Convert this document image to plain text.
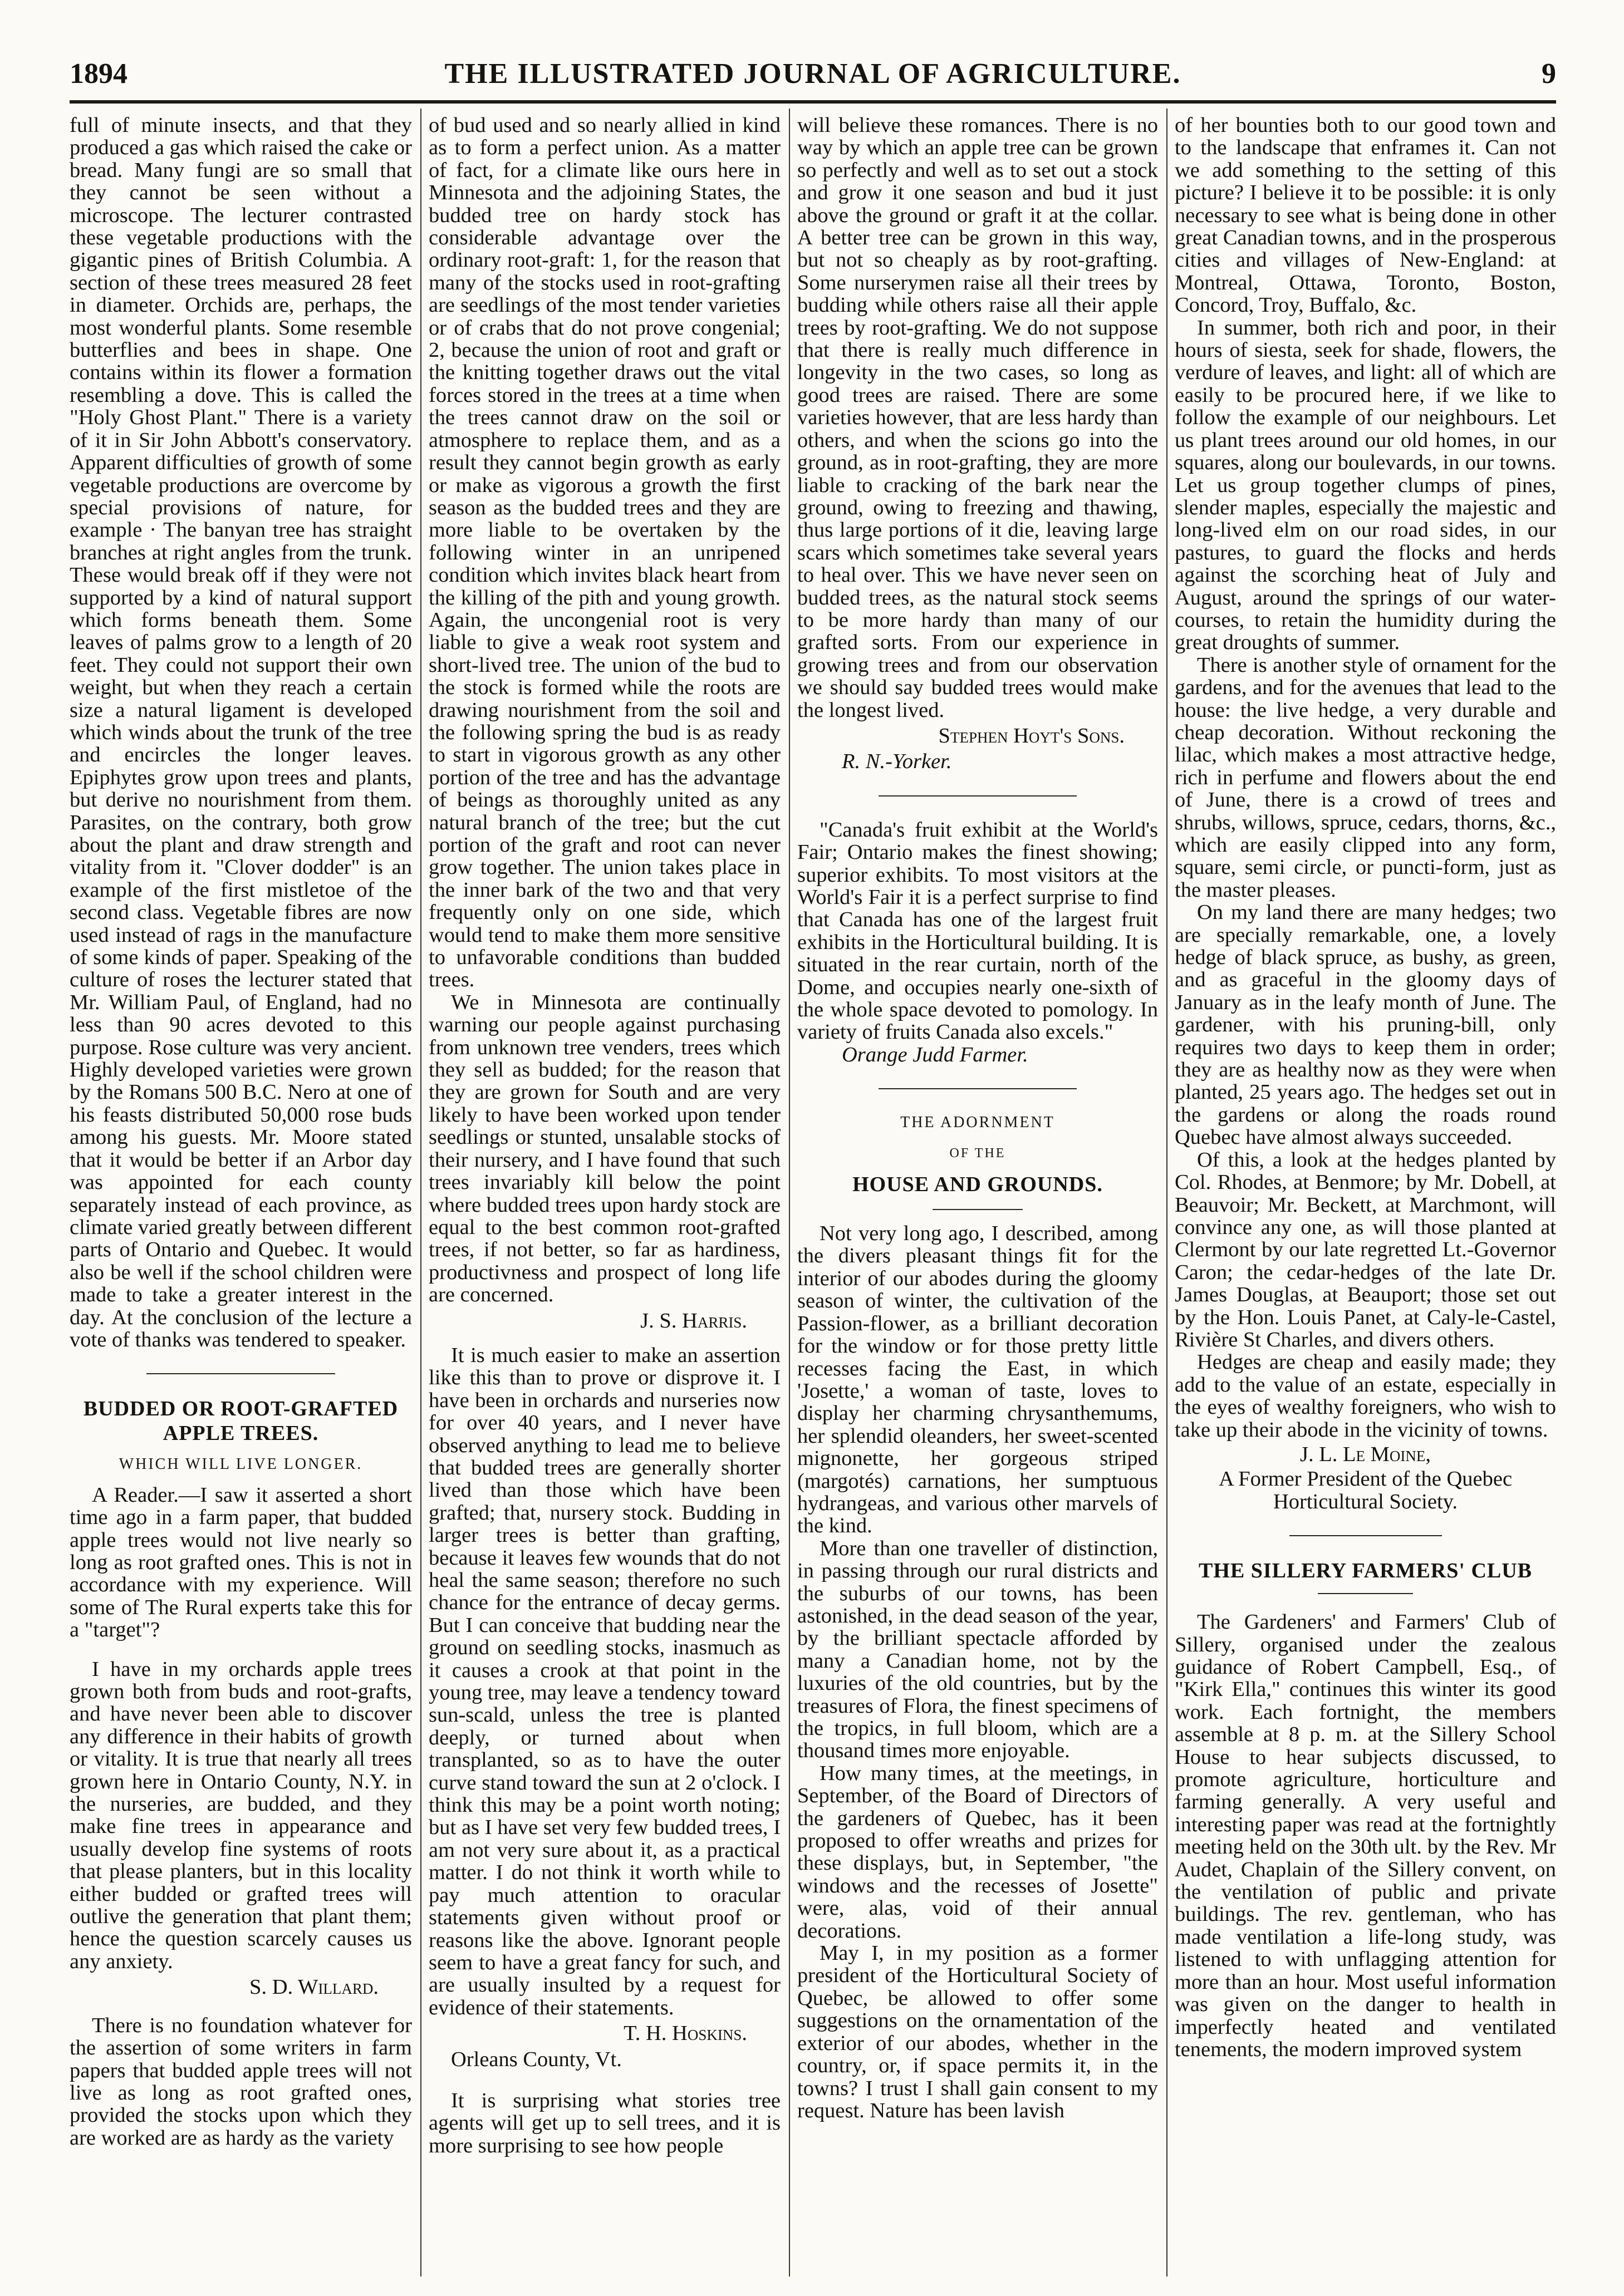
1894	THE ILLUSTRATED JOURNAL OF AGRICULTURE.	9

full of minute insects, and that they produced a gas which raised the cake or bread. Many fungi are so small that they cannot be seen without a microscope. The lecturer contrasted these vegetable productions with the gigantic pines of British Columbia. A section of these trees measured 28 feet in diameter. Orchids are, perhaps, the most wonderful plants. Some resemble butterflies and bees in shape. One contains within its flower a formation resembling a dove. This is called the "Holy Ghost Plant." There is a variety of it in Sir John Abbott's conservatory. Apparent difficulties of growth of some vegetable productions are overcome by special provisions of nature, for example · The banyan tree has straight branches at right angles from the trunk. These would break off if they were not supported by a kind of natural support which forms beneath them. Some leaves of palms grow to a length of 20 feet. They could not support their own weight, but when they reach a certain size a natural ligament is developed which winds about the trunk of the tree and encircles the longer leaves. Epiphytes grow upon trees and plants, but derive no nourishment from them. Parasites, on the contrary, both grow about the plant and draw strength and vitality from it. "Clover dodder" is an example of the first mistletoe of the second class. Vegetable fibres are now used instead of rags in the manufacture of some kinds of paper. Speaking of the culture of roses the lecturer stated that Mr. William Paul, of England, had no less than 90 acres devoted to this purpose. Rose culture was very ancient. Highly developed varieties were grown by the Romans 500 B.C. Nero at one of his feasts distributed 50,000 rose buds among his guests. Mr. Moore stated that it would be better if an Arbor day was appointed for each county separately instead of each province, as climate varied greatly between different parts of Ontario and Quebec. It would also be well if the school children were made to take a greater interest in the day. At the conclusion of the lecture a vote of thanks was tendered to speaker.

BUDDED OR ROOT-GRAFTED APPLE TREES.
WHICH WILL LIVE LONGER.

A Reader.—I saw it asserted a short time ago in a farm paper, that budded apple trees would not live nearly so long as root grafted ones. This is not in accordance with my experience. Will some of The Rural experts take this for a "target"?

I have in my orchards apple trees grown both from buds and root-grafts, and have never been able to discover any difference in their habits of growth or vitality. It is true that nearly all trees grown here in Ontario County, N.Y. in the nurseries, are budded, and they make fine trees in appearance and usually develop fine systems of roots that please planters, but in this locality either budded or grafted trees will outlive the generation that plant them; hence the question scarcely causes us any anxiety.

S. D. Willard.

There is no foundation whatever for the assertion of some writers in farm papers that budded apple trees will not live as long as root grafted ones, provided the stocks upon which they are worked are as hardy as the variety

of bud used and so nearly allied in kind as to form a perfect union. As a matter of fact, for a climate like ours here in Minnesota and the adjoining States, the budded tree on hardy stock has considerable advantage over the ordinary root-graft: 1, for the reason that many of the stocks used in root-grafting are seedlings of the most tender varieties or of crabs that do not prove congenial; 2, because the union of root and graft or the knitting together draws out the vital forces stored in the trees at a time when the trees cannot draw on the soil or atmosphere to replace them, and as a result they cannot begin growth as early or make as vigorous a growth the first season as the budded trees and they are more liable to be overtaken by the following winter in an unripened condition which invites black heart from the killing of the pith and young growth. Again, the uncongenial root is very liable to give a weak root system and short-lived tree. The union of the bud to the stock is formed while the roots are drawing nourishment from the soil and the following spring the bud is as ready to start in vigorous growth as any other portion of the tree and has the advantage of beings as thoroughly united as any natural branch of the tree; but the cut portion of the graft and root can never grow together. The union takes place in the inner bark of the two and that very frequently only on one side, which would tend to make them more sensitive to unfavorable conditions than budded trees.

We in Minnesota are continually warning our people against purchasing from unknown tree venders, trees which they sell as budded; for the reason that they are grown for South and are very likely to have been worked upon tender seedlings or stunted, unsalable stocks of their nursery, and I have found that such trees invariably kill below the point where budded trees upon hardy stock are equal to the best common root-grafted trees, if not better, so far as hardiness, productivness and prospect of long life are concerned.

J. S. Harris.

It is much easier to make an assertion like this than to prove or disprove it. I have been in orchards and nurseries now for over 40 years, and I never have observed anything to lead me to believe that budded trees are generally shorter lived than those which have been grafted; that, nursery stock. Budding in larger trees is better than grafting, because it leaves few wounds that do not heal the same season; therefore no such chance for the entrance of decay germs. But I can conceive that budding near the ground on seedling stocks, inasmuch as it causes a crook at that point in the young tree, may leave a tendency toward sun-scald, unless the tree is planted deeply, or turned about when transplanted, so as to have the outer curve stand toward the sun at 2 o'clock. I think this may be a point worth noting; but as I have set very few budded trees, I am not very sure about it, as a practical matter. I do not think it worth while to pay much attention to oracular statements given without proof or reasons like the above. Ignorant people seem to have a great fancy for such, and are usually insulted by a request for evidence of their statements.

T. H. Hoskins.

Orleans County, Vt.

It is surprising what stories tree agents will get up to sell trees, and it is more surprising to see how people

will believe these romances. There is no way by which an apple tree can be grown so perfectly and well as to set out a stock and grow it one season and bud it just above the ground or graft it at the collar. A better tree can be grown in this way, but not so cheaply as by root-grafting. Some nurserymen raise all their trees by budding while others raise all their apple trees by root-grafting. We do not suppose that there is really much difference in longevity in the two cases, so long as good trees are raised. There are some varieties however, that are less hardy than others, and when the scions go into the ground, as in root-grafting, they are more liable to cracking of the bark near the ground, owing to freezing and thawing, thus large portions of it die, leaving large scars which sometimes take several years to heal over. This we have never seen on budded trees, as the natural stock seems to be more hardy than many of our grafted sorts. From our experience in growing trees and from our observation we should say budded trees would make the longest lived.

Stephen Hoyt's Sons.

R. N.-Yorker.

"Canada's fruit exhibit at the World's Fair; Ontario makes the finest showing; superior exhibits. To most visitors at the World's Fair it is a perfect surprise to find that Canada has one of the largest fruit exhibits in the Horticultural building. It is situated in the rear curtain, north of the Dome, and occupies nearly one-sixth of the whole space devoted to pomology. In variety of fruits Canada also excels."

Orange Judd Farmer.

THE ADORNMENT
OF THE
HOUSE AND GROUNDS.

Not very long ago, I described, among the divers pleasant things fit for the interior of our abodes during the gloomy season of winter, the cultivation of the Passion-flower, as a brilliant decoration for the window or for those pretty little recesses facing the East, in which 'Josette,' a woman of taste, loves to display her charming chrysanthemums, her splendid oleanders, her sweet-scented mignonette, her gorgeous striped (margotés) carnations, her sumptuous hydrangeas, and various other marvels of the kind.

More than one traveller of distinction, in passing through our rural districts and the suburbs of our towns, has been astonished, in the dead season of the year, by the brilliant spectacle afforded by many a Canadian home, not by the luxuries of the old countries, but by the treasures of Flora, the finest specimens of the tropics, in full bloom, which are a thousand times more enjoyable.

How many times, at the meetings, in September, of the Board of Directors of the gardeners of Quebec, has it been proposed to offer wreaths and prizes for these displays, but, in September, "the windows and the recesses of Josette" were, alas, void of their annual decorations.

May I, in my position as a former president of the Horticultural Society of Quebec, be allowed to offer some suggestions on the ornamentation of the exterior of our abodes, whether in the country, or, if space permits it, in the towns? I trust I shall gain consent to my request. Nature has been lavish

of her bounties both to our good town and to the landscape that enframes it. Can not we add something to the setting of this picture? I believe it to be possible: it is only necessary to see what is being done in other great Canadian towns, and in the prosperous cities and villages of New-England: at Montreal, Ottawa, Toronto, Boston, Concord, Troy, Buffalo, &c.

In summer, both rich and poor, in their hours of siesta, seek for shade, flowers, the verdure of leaves, and light: all of which are easily to be procured here, if we like to follow the example of our neighbours. Let us plant trees around our old homes, in our squares, along our boulevards, in our towns. Let us group together clumps of pines, slender maples, especially the majestic and long-lived elm on our road sides, in our pastures, to guard the flocks and herds against the scorching heat of July and August, around the springs of our water-courses, to retain the humidity during the great droughts of summer.

There is another style of ornament for the gardens, and for the avenues that lead to the house: the live hedge, a very durable and cheap decoration. Without reckoning the lilac, which makes a most attractive hedge, rich in perfume and flowers about the end of June, there is a crowd of trees and shrubs, willows, spruce, cedars, thorns, &c., which are easily clipped into any form, square, semi circle, or puncti-form, just as the master pleases.

On my land there are many hedges; two are specially remarkable, one, a lovely hedge of black spruce, as bushy, as green, and as graceful in the gloomy days of January as in the leafy month of June. The gardener, with his pruning-bill, only requires two days to keep them in order; they are as healthy now as they were when planted, 25 years ago. The hedges set out in the gardens or along the roads round Quebec have almost always succeeded.

Of this, a look at the hedges planted by Col. Rhodes, at Benmore; by Mr. Dobell, at Beauvoir; Mr. Beckett, at Marchmont, will convince any one, as will those planted at Clermont by our late regretted Lt.-Governor Caron; the cedar-hedges of the late Dr. James Douglas, at Beauport; those set out by the Hon. Louis Panet, at Caly-le-Castel, Rivière St Charles, and divers others.

Hedges are cheap and easily made; they add to the value of an estate, especially in the eyes of wealthy foreigners, who wish to take up their abode in the vicinity of towns.

J. L. Le Moine,
A Former President of the Quebec Horticultural Society.
THE SILLERY FARMERS' CLUB

The Gardeners' and Farmers' Club of Sillery, organised under the zealous guidance of Robert Campbell, Esq., of "Kirk Ella," continues this winter its good work. Each fortnight, the members assemble at 8 p. m. at the Sillery School House to hear subjects discussed, to promote agriculture, horticulture and farming generally. A very useful and interesting paper was read at the fortnightly meeting held on the 30th ult. by the Rev. Mr Audet, Chaplain of the Sillery convent, on the ventilation of public and private buildings. The rev. gentleman, who has made ventilation a life-long study, was listened to with unflagging attention for more than an hour. Most useful information was given on the danger to health in imperfectly heated and ventilated tenements, the modern improved system
